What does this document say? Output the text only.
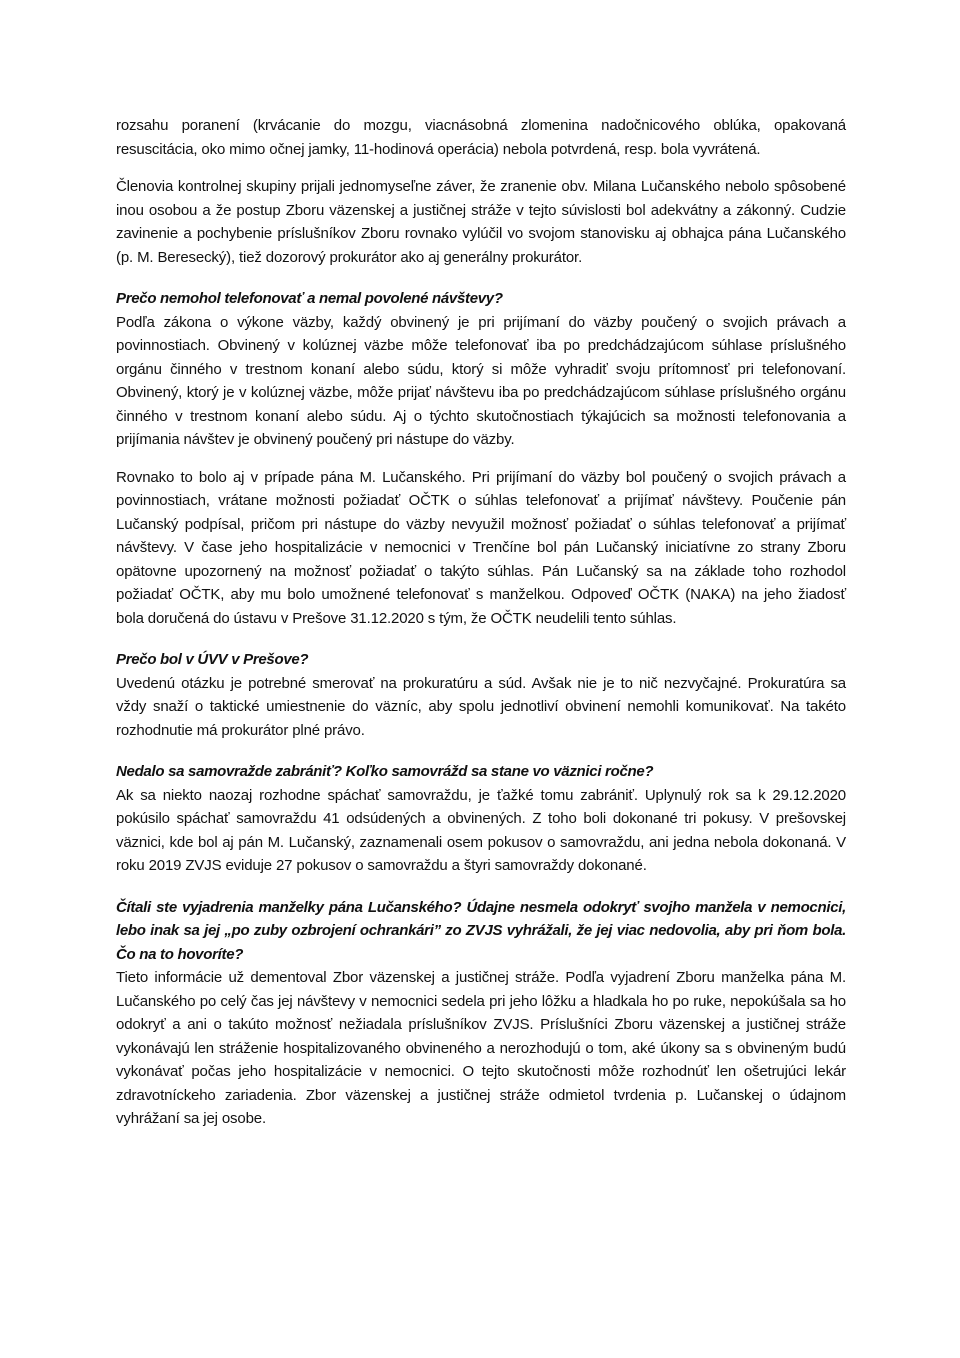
rozsahu poranení (krvácanie do mozgu, viacnásobná zlomenina nadočnicového oblúka, opakovaná resuscitácia, oko mimo očnej jamky, 11-hodinová operácia) nebola potvrdená, resp. bola vyvrátená.

Členovia kontrolnej skupiny prijali jednomyseľne záver, že zranenie obv. Milana Lučanského nebolo spôsobené inou osobou a že postup Zboru väzenskej a justičnej stráže v tejto súvislosti bol adekvátny a zákonný. Cudzie zavinenie a pochybenie príslušníkov Zboru rovnako vylúčil vo svojom stanovisku aj obhajca pána Lučanského (p. M. Beresecký), tiež dozorový prokurátor ako aj generálny prokurátor.

Prečo nemohol telefonovať a nemal povolené návštevy?

Podľa zákona o výkone väzby, každý obvinený je pri prijímaní do väzby poučený o svojich právach a povinnostiach. Obvinený v kolúznej väzbe môže telefonovať iba po predchádzajúcom súhlase príslušného orgánu činného v trestnom konaní alebo súdu, ktorý si môže vyhradiť svoju prítomnosť pri telefonovaní. Obvinený, ktorý je v kolúznej väzbe, môže prijať návštevu iba po predchádzajúcom súhlase príslušného orgánu činného v trestnom konaní alebo súdu. Aj o týchto skutočnostiach týkajúcich sa možnosti telefonovania a prijímania návštev je obvinený poučený pri nástupe do väzby.

Rovnako to bolo aj v prípade pána M. Lučanského. Pri prijímaní do väzby bol poučený o svojich právach a povinnostiach, vrátane možnosti požiadať OČTK o súhlas telefonovať a prijímať návštevy. Poučenie pán Lučanský podpísal, pričom pri nástupe do väzby nevyužil možnosť požiadať o súhlas telefonovať a prijímať návštevy. V čase jeho hospitalizácie v nemocnici v Trenčíne bol pán Lučanský iniciatívne zo strany Zboru opätovne upozornený na možnosť požiadať o takýto súhlas. Pán Lučanský sa na základe toho rozhodol požiadať OČTK, aby mu bolo umožnené telefonovať s manželkou. Odpoveď OČTK (NAKA) na jeho žiadosť bola doručená do ústavu v Prešove 31.12.2020 s tým, že OČTK neudelili tento súhlas.

Prečo bol v ÚVV v Prešove?

Uvedenú otázku je potrebné smerovať na prokuratúru a súd. Avšak nie je to nič nezvyčajné. Prokuratúra sa vždy snaží o taktické umiestnenie do väzníc, aby spolu jednotliví obvinení nemohli komunikovať. Na takéto rozhodnutie má prokurátor plné právo.

Nedalo sa samovražde zabrániť? Koľko samovrážd sa stane vo väznici ročne?

Ak sa niekto naozaj rozhodne spáchať samovraždu, je ťažké tomu zabrániť. Uplynulý rok sa k 29.12.2020 pokúsilo spáchať samovraždu 41 odsúdených a obvinených. Z toho boli dokonané tri pokusy. V prešovskej väznici, kde bol aj pán M. Lučanský, zaznamenali osem pokusov o samovraždu, ani jedna nebola dokonaná. V roku 2019 ZVJS eviduje 27 pokusov o samovraždu a štyri samovraždy dokonané.

Čítali ste vyjadrenia manželky pána Lučanského? Údajne nesmela odokryť svojho manžela v nemocnici, lebo inak sa jej „po zuby ozbrojení ochrankári” zo ZVJS vyhrážali, že jej viac nedovolia, aby pri ňom bola. Čo na to hovoríte?

Tieto informácie už dementoval Zbor väzenskej a justičnej stráže. Podľa vyjadrení Zboru manželka pána M. Lučanského po celý čas jej návštevy v nemocnici sedela pri jeho lôžku a hladkala ho po ruke, nepokúšala sa ho odokryť a ani o takúto možnosť nežiadala príslušníkov ZVJS. Príslušníci Zboru väzenskej a justičnej stráže vykonávajú len stráženie hospitalizovaného obvineného a nerozhodujú o tom, aké úkony sa s obvineným budú vykonávať počas jeho hospitalizácie v nemocnici. O tejto skutočnosti môže rozhodnúť len ošetrujúci lekár zdravotníckeho zariadenia. Zbor väzenskej a justičnej stráže odmietol tvrdenia p. Lučanskej o údajnom vyhrážaní sa jej osobe.
